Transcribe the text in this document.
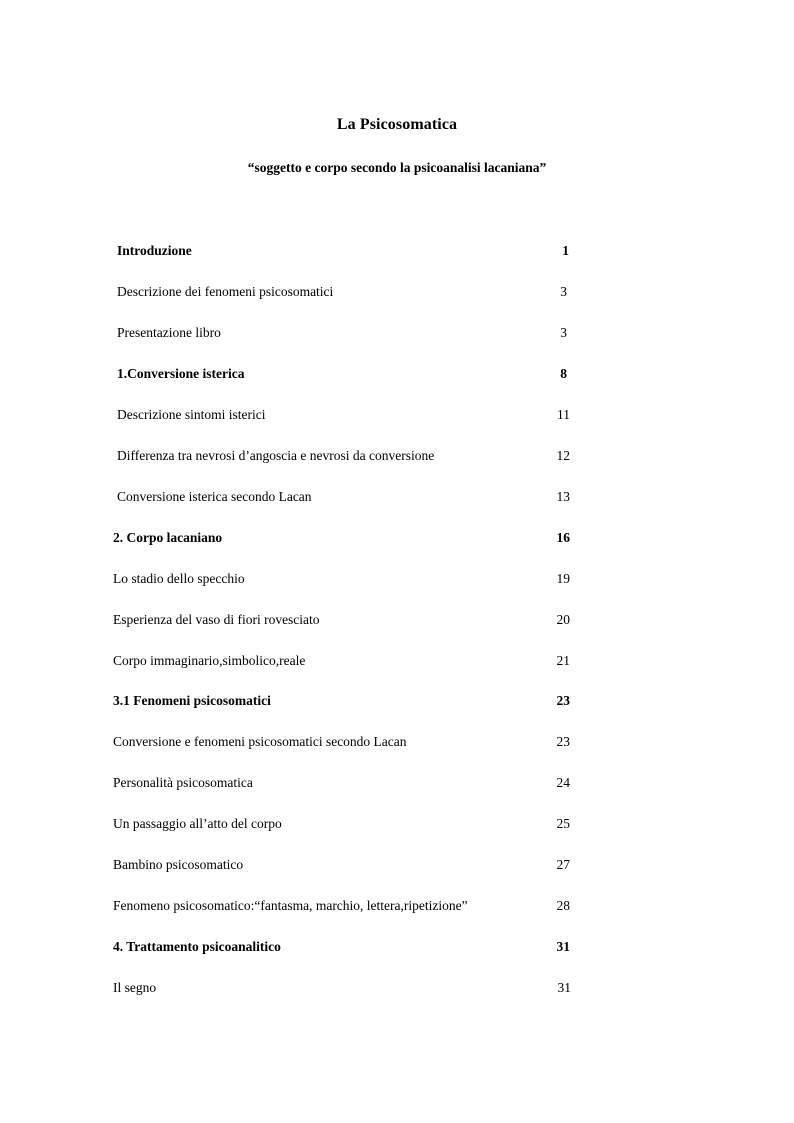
La Psicosomatica
“soggetto e corpo secondo la psicoanalisi lacaniana”
Introduzione	1
Descrizione dei fenomeni psicosomatici	3
Presentazione libro	3
1.Conversione isterica	8
Descrizione sintomi isterici	11
Differenza tra nevrosi d’angoscia e nevrosi da conversione	12
Conversione isterica secondo Lacan	13
2. Corpo lacaniano	16
Lo stadio dello specchio	19
Esperienza del vaso di fiori rovesciato	20
Corpo immaginario,simbolico,reale	21
3.1 Fenomeni psicosomatici	23
Conversione e fenomeni psicosomatici secondo Lacan	23
Personalità psicosomatica	24
Un passaggio all’atto del corpo	25
Bambino psicosomatico	27
Fenomeno psicosomatico:“fantasma, marchio, lettera,ripetizione”	28
4. Trattamento psicoanalitico	31
Il segno	31
